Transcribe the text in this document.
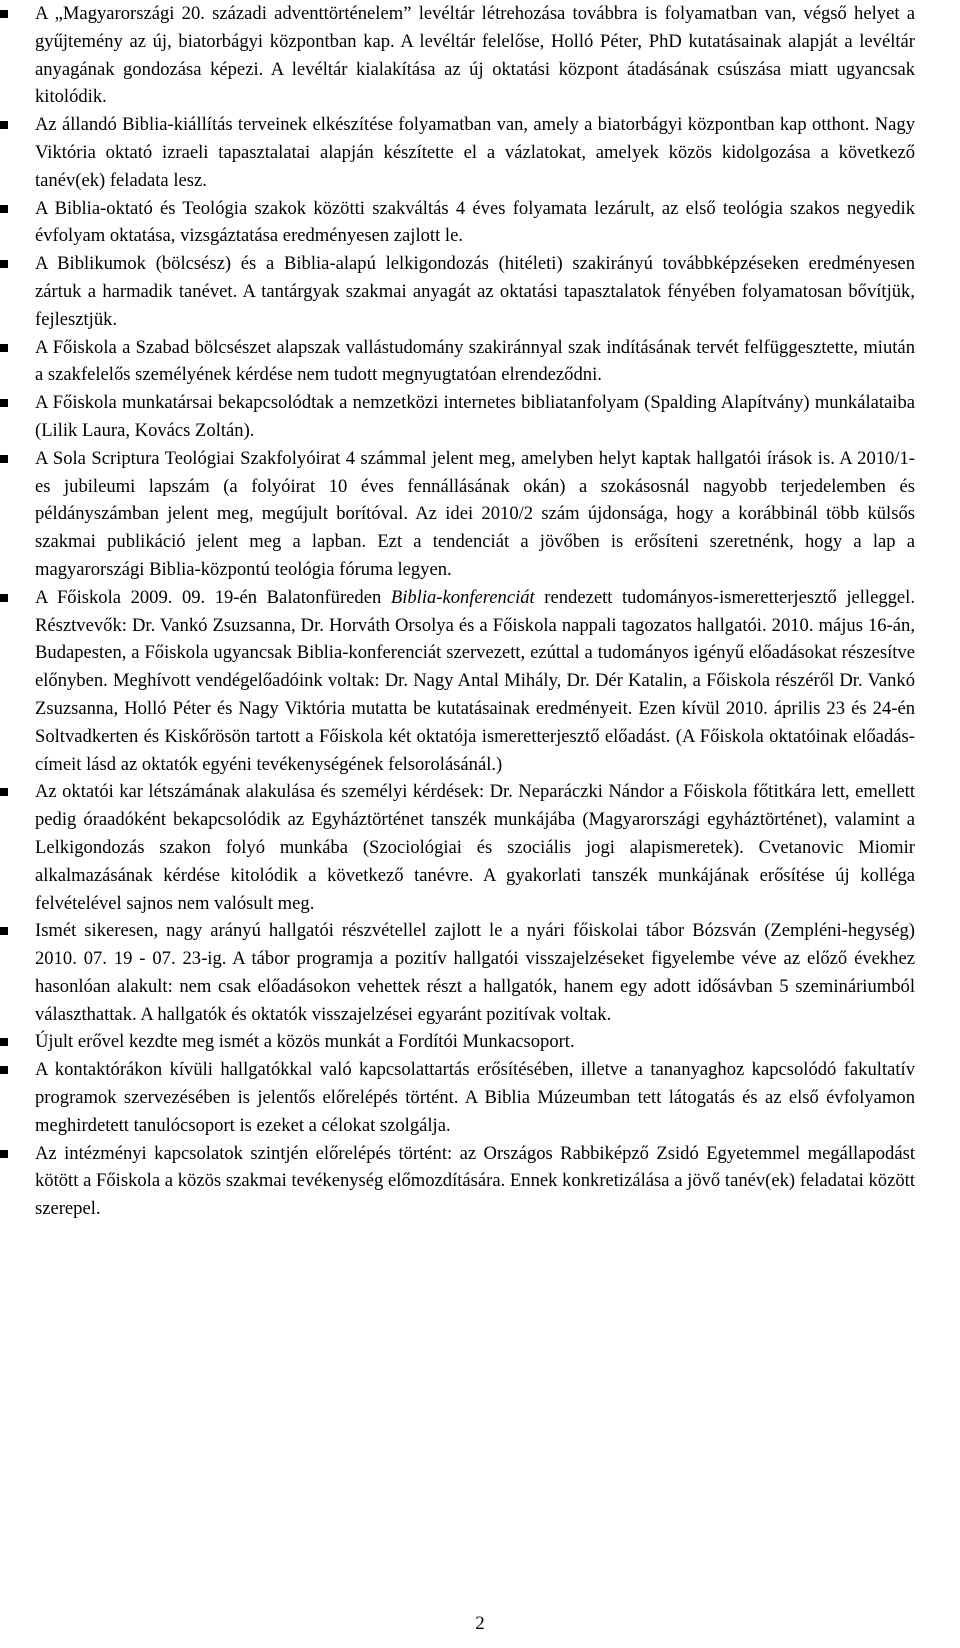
A „Magyarországi 20. századi adventtörténelem” levéltár létrehozása továbbra is folyamatban van, végső helyet a gyűjtemény az új, biatorbágyi központban kap. A levéltár felelőse, Holló Péter, PhD kutatásainak alapját a levéltár anyagának gondozása képezi. A levéltár kialakítása az új oktatási központ átadásának csúszása miatt ugyancsak kitolódik.
Az állandó Biblia-kiállítás terveinek elkészítése folyamatban van, amely a biatorbágyi központban kap otthont. Nagy Viktória oktató izraeli tapasztalatai alapján készítette el a vázlatokat, amelyek közös kidolgozása a következő tanév(ek) feladata lesz.
A Biblia-oktató és Teológia szakok közötti szakváltás 4 éves folyamata lezárult, az első teológia szakos negyedik évfolyam oktatása, vizsgáztatása eredményesen zajlott le.
A Biblikumok (bölcsész) és a Biblia-alapú lelkigondozás (hitéleti) szakirányú továbbképzéseken eredményesen zártuk a harmadik tanévet. A tantárgyak szakmai anyagát az oktatási tapasztalatok fényében folyamatosan bővítjük, fejlesztjük.
A Főiskola a Szabad bölcsészet alapszak vallástudomány szakiránnyal szak indításának tervét felfüggesztette, miután a szakfelelős személyének kérdése nem tudott megnyugtatóan elrendeződni.
A Főiskola munkatársai bekapcsolódtak a nemzetközi internetes bibliatanfolyam (Spalding Alapítvány) munkálataiba (Lilik Laura, Kovács Zoltán).
A Sola Scriptura Teológiai Szakfolyóirat 4 számmal jelent meg, amelyben helyt kaptak hallgatói írások is. A 2010/1-es jubileumi lapszám (a folyóirat 10 éves fennállásának okán) a szokásosnál nagyobb terjedelemben és példányszámban jelent meg, megújult borítóval. Az idei 2010/2 szám újdonsága, hogy a korábbinál több külsős szakmai publikáció jelent meg a lapban. Ezt a tendenciát a jövőben is erősíteni szeretnénk, hogy a lap a magyarországi Biblia-központú teológia fóruma legyen.
A Főiskola 2009. 09. 19-én Balatonfüreden Biblia-konferenciát rendezett tudományos-ismeretterjesztő jelleggel. Résztvevők: Dr. Vankó Zsuzsanna, Dr. Horváth Orsolya és a Főiskola nappali tagozatos hallgatói. 2010. május 16-án, Budapesten, a Főiskola ugyancsak Biblia-konferenciát szervezett, ezúttal a tudományos igényű előadásokat részesítve előnyben. Meghívott vendégelőadóink voltak: Dr. Nagy Antal Mihály, Dr. Dér Katalin, a Főiskola részéről Dr. Vankó Zsuzsanna, Holló Péter és Nagy Viktória mutatta be kutatásainak eredményeit. Ezen kívül 2010. április 23 és 24-én Soltvadkerten és Kiskőrösön tartott a Főiskola két oktatója ismeretterjesztő előadást. (A Főiskola oktatóinak előadás-címeit lásd az oktatók egyéni tevékenységének felsorolásánál.)
Az oktatói kar létszámának alakulása és személyi kérdések: Dr. Neparáczki Nándor a Főiskola főtitkára lett, emellett pedig óraadóként bekapcsolódik az Egyháztörténet tanszék munkájába (Magyarországi egyháztörténet), valamint a Lelkigondozás szakon folyó munkába (Szociológiai és szociális jogi alapismeretek). Cvetanovic Miomir alkalmazásának kérdése kitolódik a következő tanévre. A gyakorlati tanszék munkájának erősítése új kolléga felvételével sajnos nem valósult meg.
Ismét sikeresen, nagy arányú hallgatói részvétellel zajlott le a nyári főiskolai tábor Bózsván (Zempléni-hegység) 2010. 07. 19 - 07. 23-ig. A tábor programja a pozitív hallgatói visszajelzéseket figyelembe véve az előző évekhez hasonlóan alakult: nem csak előadásokon vehettek részt a hallgatók, hanem egy adott idősávban 5 szemináriumból választhattak. A hallgatók és oktatók visszajelzései egyaránt pozitívak voltak.
Újult erővel kezdte meg ismét a közös munkát a Fordítói Munkacsoport.
A kontaktórákon kívüli hallgatókkal való kapcsolattartás erősítésében, illetve a tananyaghoz kapcsolódó fakultatív programok szervezésében is jelentős előrelépés történt. A Biblia Múzeumban tett látogatás és az első évfolyamon meghirdetett tanulócsoport is ezeket a célokat szolgálja.
Az intézményi kapcsolatok szintjén előrelépés történt: az Országos Rabbiképző Zsidó Egyetemmel megállapodást kötött a Főiskola a közös szakmai tevékenység előmozdítására. Ennek konkretizálása a jövő tanév(ek) feladatai között szerepel.
2
